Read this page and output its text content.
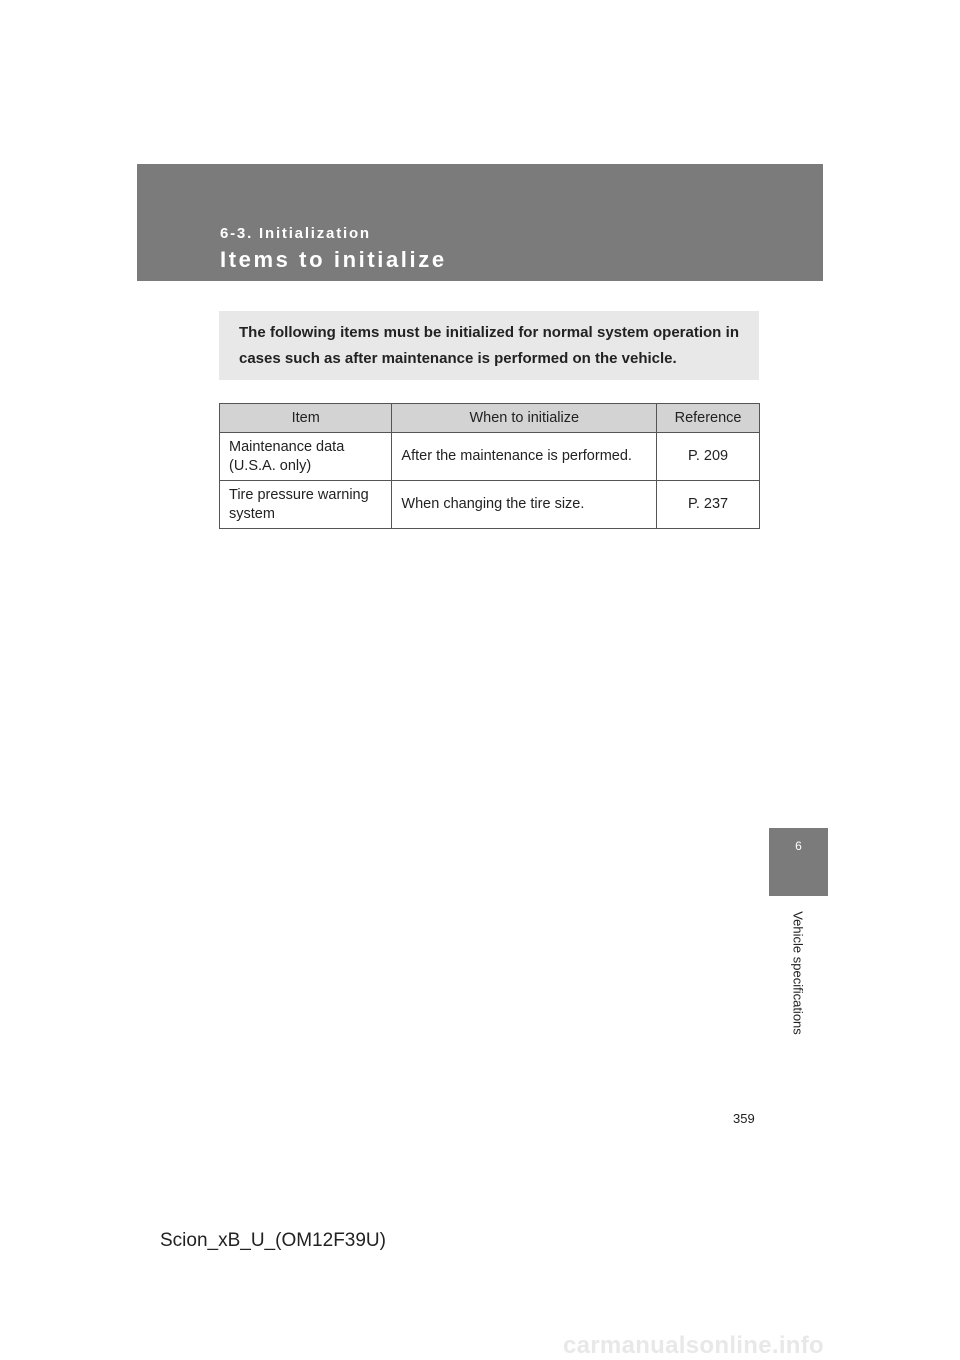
6-3. Initialization
Items to initialize
The following items must be initialized for normal system operation in cases such as after maintenance is performed on the vehicle.
Item	When to initialize	Reference
Maintenance data (U.S.A. only)	After the maintenance is performed.	P. 209
Tire pressure warning system	When changing the tire size.	P. 237
6
Vehicle specifications
359
Scion_xB_U_(OM12F39U)
carmanualsonline.info
